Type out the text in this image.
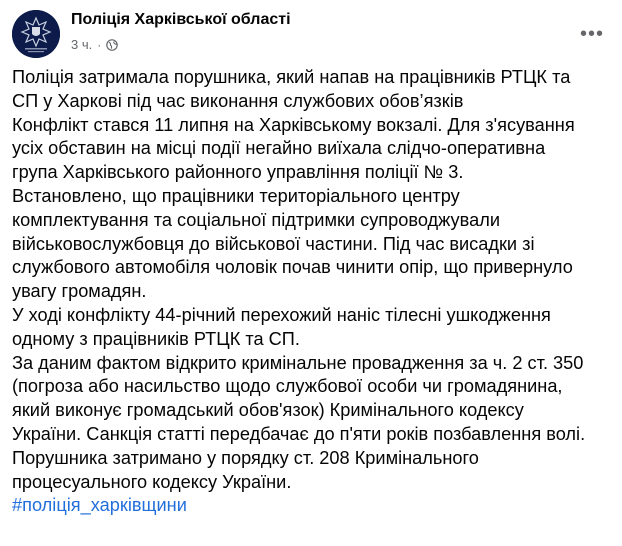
Поліція Харківської області
3 ч. ·	•••
Поліція затримала порушника, який напав на працівників РТЦК та
СП у Харкові під час виконання службових обов’язків
Конфлікт стався 11 липня на Харківському вокзалі. Для з'ясування
усіх обставин на місці події негайно виїхала слідчо-оперативна
група Харківського районного управління поліції № 3.
Встановлено, що працівники територіального центру
комплектування та соціальної підтримки супроводжували
військовослужбовця до військової частини. Під час висадки зі
службового автомобіля чоловік почав чинити опір, що привернуло
увагу громадян.
У ході конфлікту 44-річний перехожий наніс тілесні ушкодження
одному з працівників РТЦК та СП.
За даним фактом відкрито кримінальне провадження за ч. 2 ст. 350
(погроза або насильство щодо службової особи чи громадянина,
який виконує громадський обов'язок) Кримінального кодексу
України. Санкція статті передбачає до п'яти років позбавлення волі.
Порушника затримано у порядку ст. 208 Кримінального
процесуального кодексу України.
#поліція_харківщини
